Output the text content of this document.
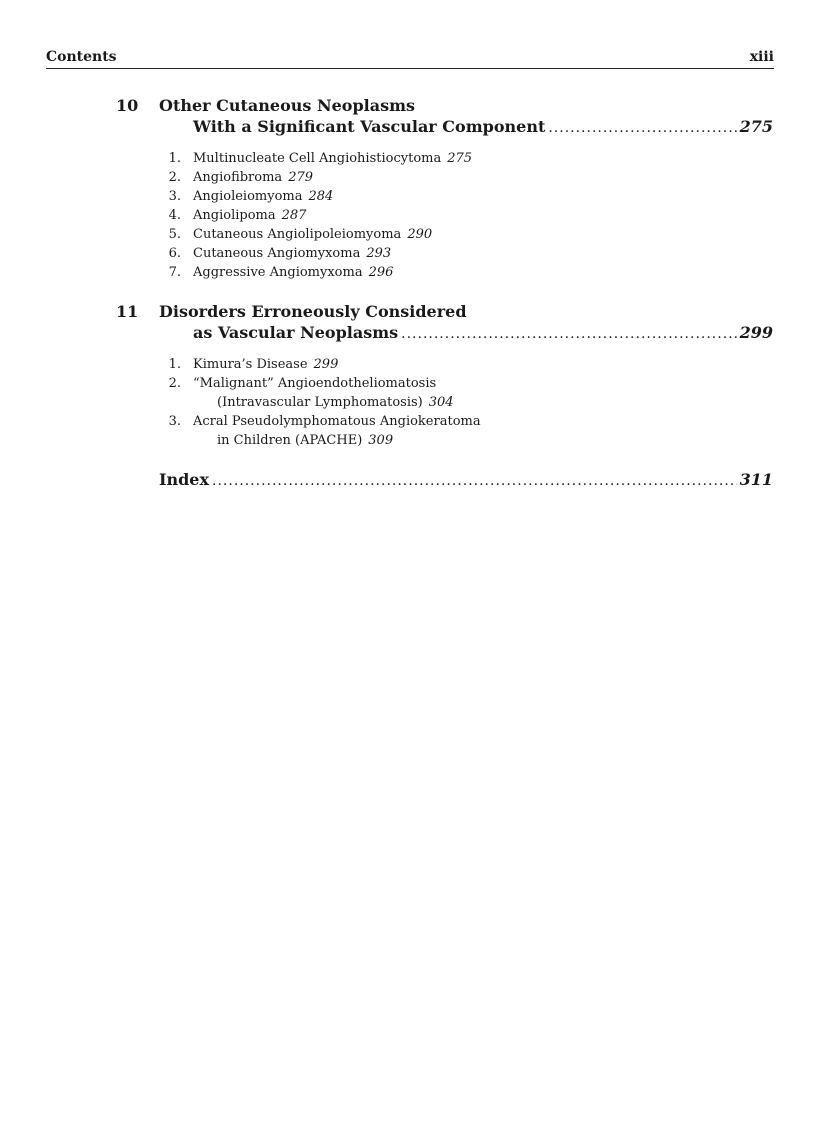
Contents	xiii
10 Other Cutaneous Neoplasms
With a Significant Vascular Component .....	275
1. Multinucleate Cell Angiohistiocytoma 275
2. Angiofibroma 279
3. Angioleiomyoma 284
4. Angiolipoma 287
5. Cutaneous Angiolipoleiomyoma 290
6. Cutaneous Angiomyxoma 293
7. Aggressive Angiomyxoma 296
11 Disorders Erroneously Considered
as Vascular Neoplasms .....	299
1. Kimura’s Disease 299
2. “Malignant” Angioendotheliomatosis
(Intravascular Lymphomatosis) 304
3. Acral Pseudolymphomatous Angiokeratoma
in Children (APACHE) 309
Index .....	311
